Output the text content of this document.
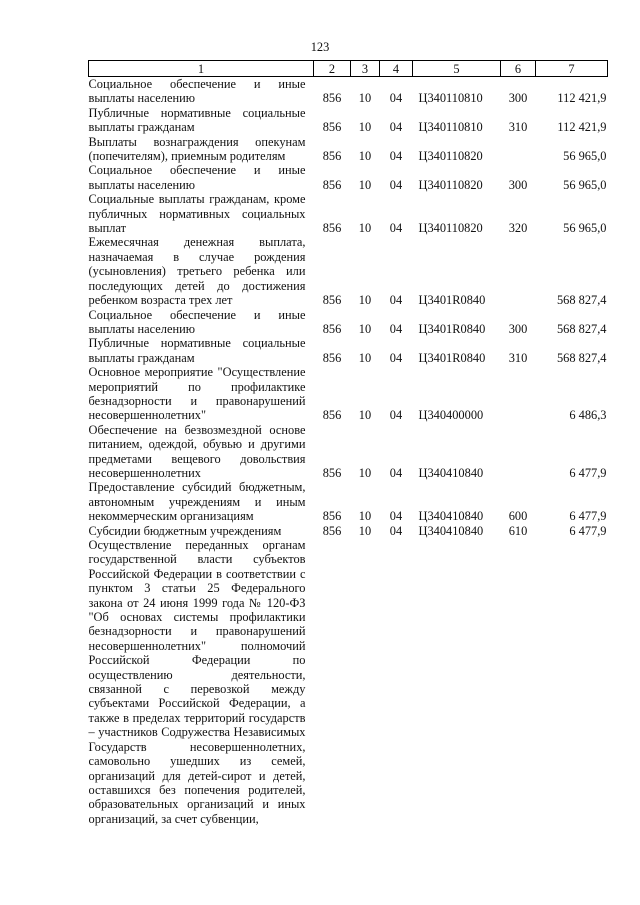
123
1	2	3	4	5	6	7
Социальное обеспечение и иные выплаты населению	856	10	04	Ц340110810	300	112 421,9
Публичные нормативные социальные выплаты гражданам	856	10	04	Ц340110810	310	112 421,9
Выплаты вознаграждения опекунам (попечителям), приемным родителям	856	10	04	Ц340110820		56 965,0
Социальное обеспечение и иные выплаты населению	856	10	04	Ц340110820	300	56 965,0
Социальные выплаты гражданам, кроме публичных нормативных социальных выплат	856	10	04	Ц340110820	320	56 965,0
Ежемесячная денежная выплата, назначаемая в случае рождения (усыновления) третьего ребенка или последующих детей до достижения ребенком возраста трех лет	856	10	04	Ц3401R0840		568 827,4
Социальное обеспечение и иные выплаты населению	856	10	04	Ц3401R0840	300	568 827,4
Публичные нормативные социальные выплаты гражданам	856	10	04	Ц3401R0840	310	568 827,4
Основное мероприятие "Осуществление мероприятий по профилактике безнадзорности и правонарушений несовершеннолетних"	856	10	04	Ц340400000		6 486,3
Обеспечение на безвозмездной основе питанием, одеждой, обувью и другими предметами вещевого довольствия несовершеннолетних	856	10	04	Ц340410840		6 477,9
Предоставление субсидий бюджетным, автономным учреждениям и иным некоммерческим организациям	856	10	04	Ц340410840	600	6 477,9
Субсидии бюджетным учреждениям	856	10	04	Ц340410840	610	6 477,9
Осуществление переданных органам государственной власти субъектов Российской Федерации в соответствии с пунктом 3 статьи 25 Федерального закона от 24 июня 1999 года № 120-ФЗ "Об основах системы профилактики безнадзорности и правонарушений несовершеннолетних" полномочий Российской Федерации по осуществлению деятельности, связанной с перевозкой между субъектами Российской Федерации, а также в пределах территорий государств – участников Содружества Независимых Государств несовершеннолетних, самовольно ушедших из семей, организаций для детей-сирот и детей, оставшихся без попечения родителей, образовательных организаций и иных организаций, за счет субвенции,						
